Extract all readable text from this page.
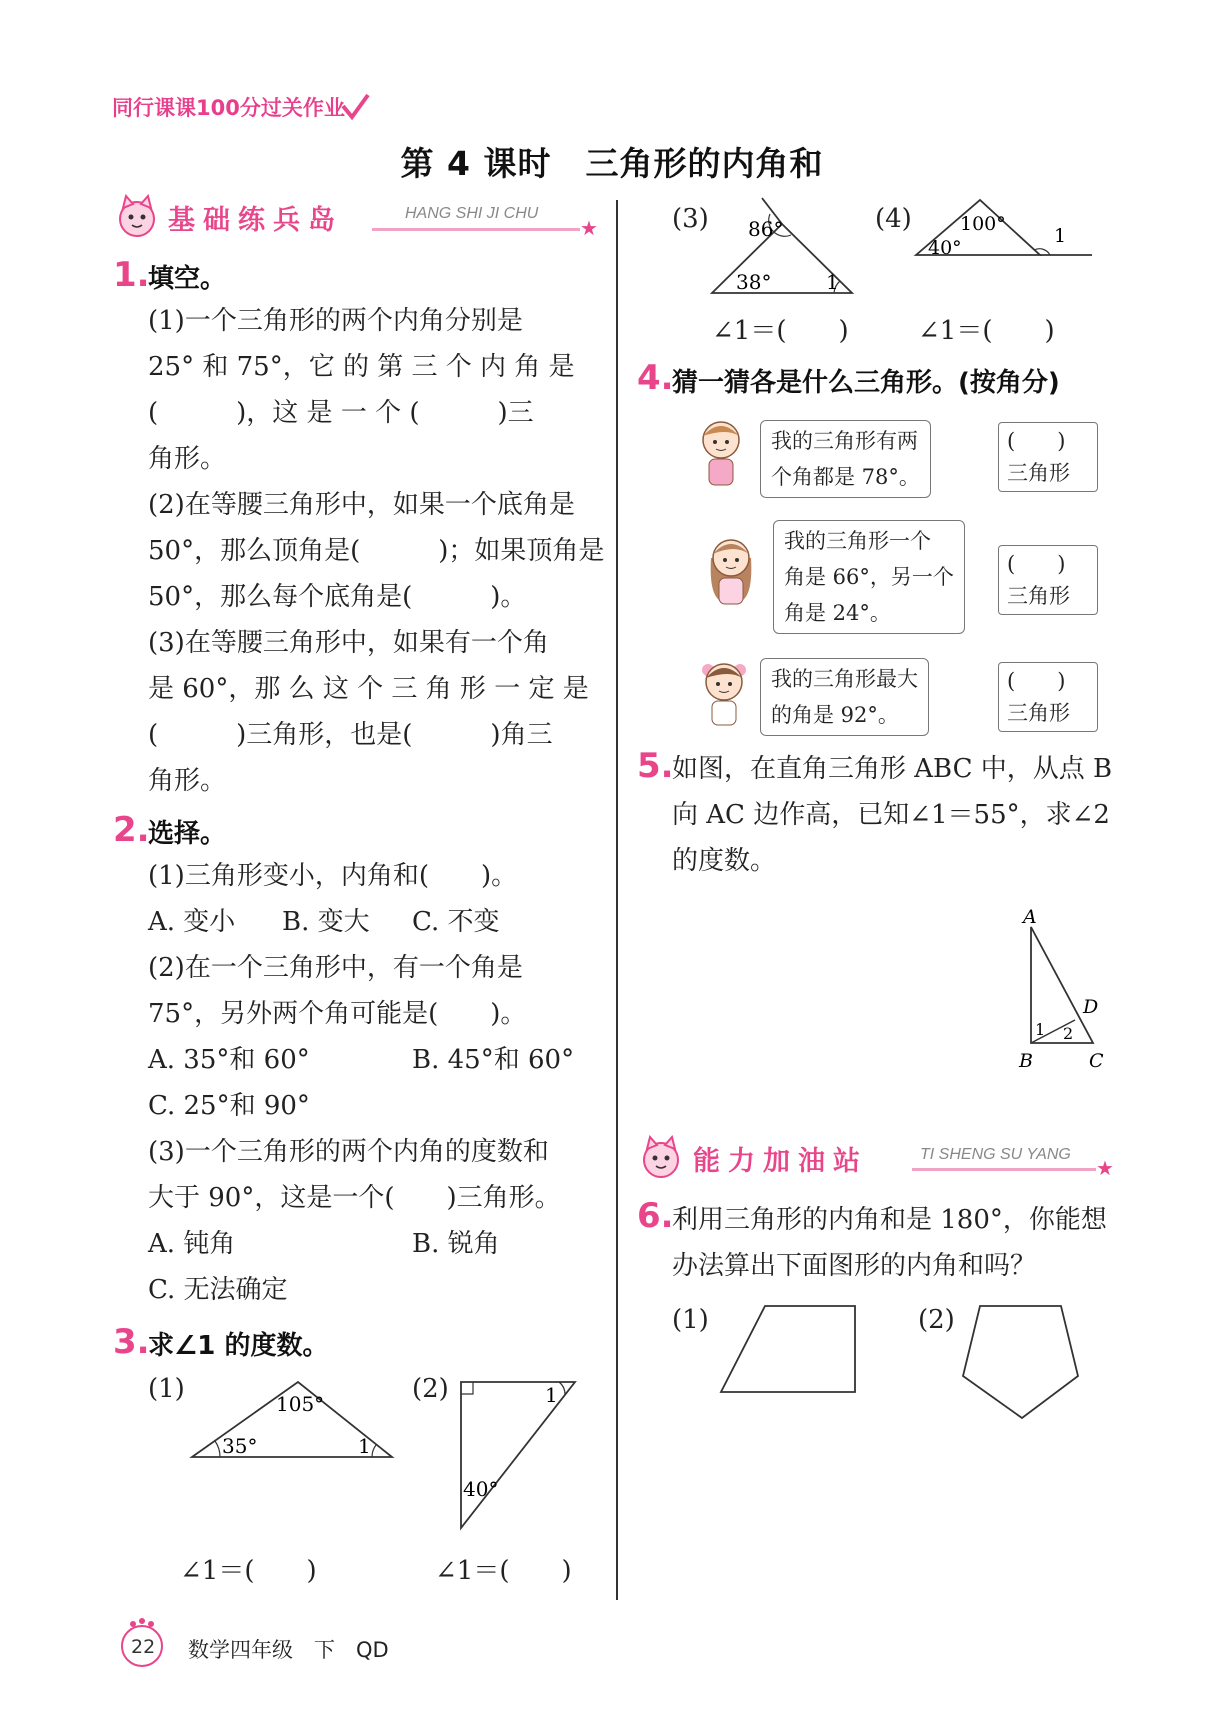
同行课课100分过关作业
第 4 课时　三角形的内角和
基础练兵岛	HANG SHI JI CHU
★
1.
填空。
(1)一个三角形的两个内角分别是
25° 和 75°，它 的 第 三 个 内 角 是
(　　　)，这 是 一 个 (　　　)三
角形。
(2)在等腰三角形中，如果一个底角是
50°，那么顶角是(　　　)；如果顶角是
50°，那么每个底角是(　　　)。
(3)在等腰三角形中，如果有一个角
是 60°，那 么 这 个 三 角 形 一 定 是
(　　　)三角形，也是(　　　)角三
角形。
2.
选择。
(1)三角形变小，内角和(　　)。
A. 变小 B. 变大 C. 不变
(2)在一个三角形中，有一个角是
75°，另外两个角可能是(　　)。
A. 35°和 60°	B. 45°和 60°
C. 25°和 90°
(3)一个三角形的两个内角的度数和
大于 90°，这是一个(　　)三角形。
A. 钝角	B. 锐角
C. 无法确定
3.
求∠1 的度数。
(1)	105°
35°	1
∠1＝(　　)
(2)	1
40°
∠1＝(　　)
(3) 86°
38°	1
∠1＝(　　)
(4)	100°
40°
1
∠1＝(　　)
4.
猜一猜各是什么三角形。(按角分)
我的三角形有两
个角都是 78°。
(　　)
三角形
我的三角形一个
角是 66°，另一个
角是 24°。
(　　)
三角形
我的三角形最大
的角是 92°。
(　　)
三角形
5.
如图，在直角三角形 ABC 中，从点 B
向 AC 边作高，已知∠1＝55°，求∠2
的度数。
A
B	C
D
1 2
能力加油站	TI SHENG SU YANG
★
6.
利用三角形的内角和是 180°，你能想
办法算出下面图形的内角和吗？
(1)	(2)
22 数学四年级　下　QD
